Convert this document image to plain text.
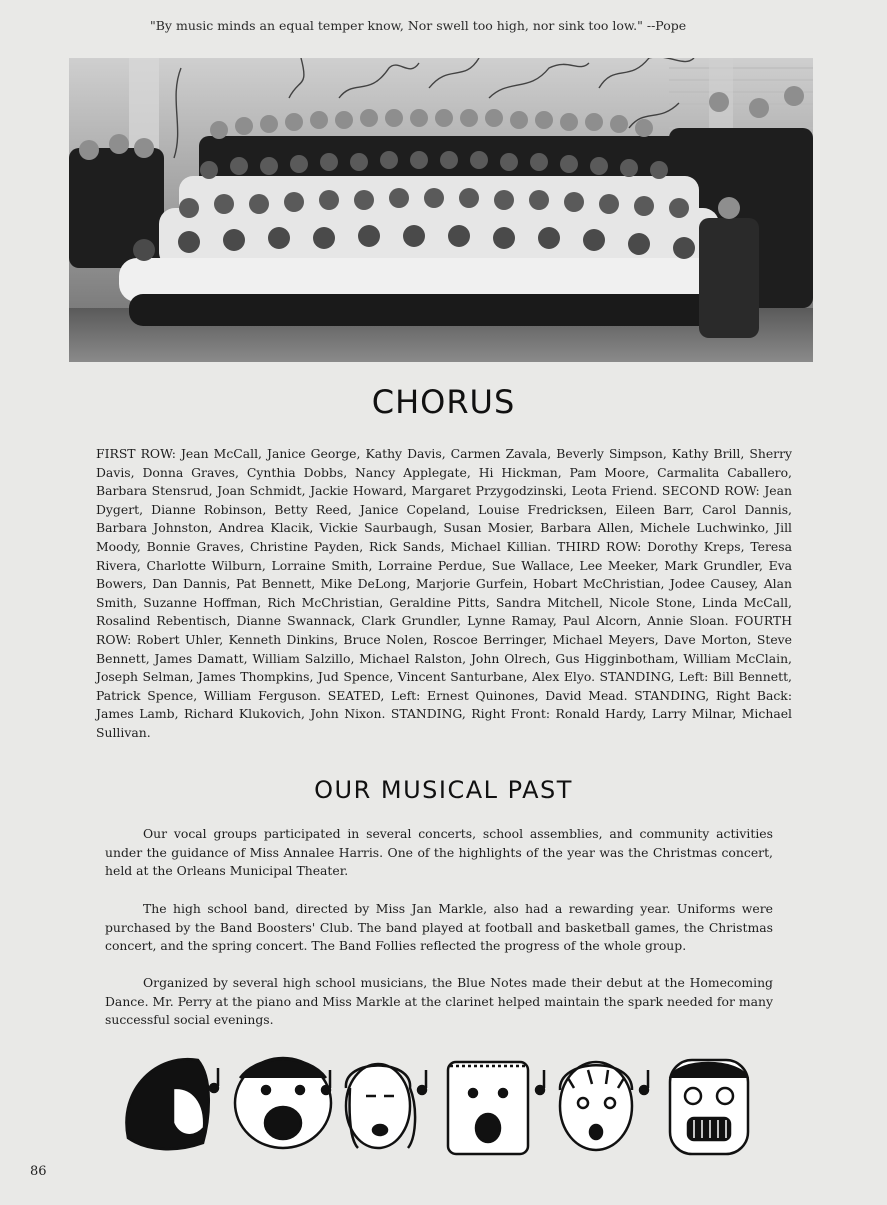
"By music minds an equal temper know, Nor swell too high, nor sink too low." --Pope
CHORUS
FIRST ROW: Jean McCall, Janice George, Kathy Davis, Carmen Zavala, Beverly Simpson, Kathy Brill, Sherry Davis, Donna Graves, Cynthia Dobbs, Nancy Applegate, Hi Hickman, Pam Moore, Carmalita Caballero, Barbara Stensrud, Joan Schmidt, Jackie Howard, Margaret Przygodzinski, Leota Friend. SECOND ROW: Jean Dygert, Dianne Robinson, Betty Reed, Janice Copeland, Louise Fredricksen, Eileen Barr, Carol Dannis, Barbara Johnston, Andrea Klacik, Vickie Saurbaugh, Susan Mosier, Barbara Allen, Michele Luchwinko, Jill Moody, Bonnie Graves, Christine Payden, Rick Sands, Michael Killian. THIRD ROW: Dorothy Kreps, Teresa Rivera, Charlotte Wilburn, Lorraine Smith, Lorraine Perdue, Sue Wallace, Lee Meeker, Mark Grundler, Eva Bowers, Dan Dannis, Pat Bennett, Mike DeLong, Marjorie Gurfein, Hobart McChristian, Jodee Causey, Alan Smith, Suzanne Hoffman, Rich McChristian, Geraldine Pitts, Sandra Mitchell, Nicole Stone, Linda McCall, Rosalind Rebentisch, Dianne Swannack, Clark Grundler, Lynne Ramay, Paul Alcorn, Annie Sloan. FOURTH ROW: Robert Uhler, Kenneth Dinkins, Bruce Nolen, Roscoe Berringer, Michael Meyers, Dave Morton, Steve Bennett, James Damatt, William Salzillo, Michael Ralston, John Olrech, Gus Higginbotham, William McClain, Joseph Selman, James Thompkins, Jud Spence, Vincent Santurbane, Alex Elyo. STANDING, Left: Bill Bennett, Patrick Spence, William Ferguson. SEATED, Left: Ernest Quinones, David Mead. STANDING, Right Back: James Lamb, Richard Klukovich, John Nixon. STANDING, Right Front: Ronald Hardy, Larry Milnar, Michael Sullivan.
OUR MUSICAL PAST
Our vocal groups participated in several concerts, school assemblies, and community activities under the guidance of Miss Annalee Harris. One of the highlights of the year was the Christmas concert, held at the Orleans Municipal Theater.
The high school band, directed by Miss Jan Markle, also had a rewarding year. Uniforms were purchased by the Band Boosters' Club. The band played at football and basketball games, the Christmas concert, and the spring concert. The Band Follies reflected the progress of the whole group.
Organized by several high school musicians, the Blue Notes made their debut at the Homecoming Dance. Mr. Perry at the piano and Miss Markle at the clarinet helped maintain the spark needed for many successful social evenings.
86
